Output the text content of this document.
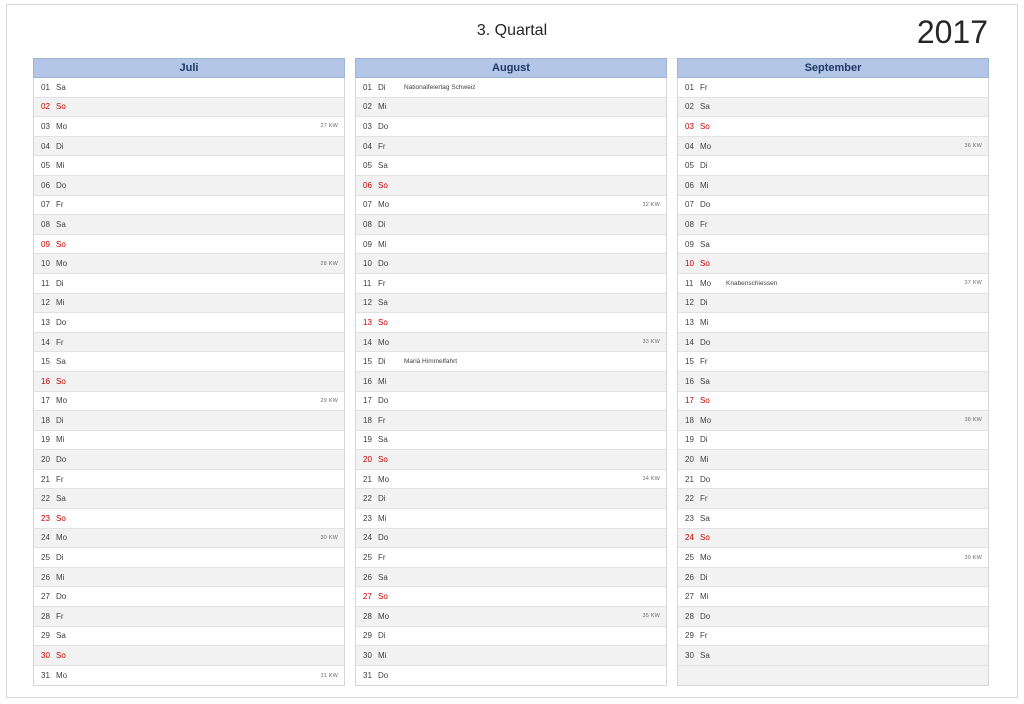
3. Quartal	2017
Juli
01 Sa
02 So
03 Mo	27 KW
04 Di
05 Mi
06 Do
07 Fr
08 Sa
09 So
10 Mo	28 KW
11 Di
12 Mi
13 Do
14 Fr
15 Sa
16 So
17 Mo	29 KW
18 Di
19 Mi
20 Do
21 Fr
22 Sa
23 So
24 Mo	30 KW
25 Di
26 Mi
27 Do
28 Fr
29 Sa
30 So
31 Mo	31 KW
August
01 Di	Nationalfeiertag Schweiz
02 Mi
03 Do
04 Fr
05 Sa
06 So
07 Mo	32 KW
08 Di
09 Mi
10 Do
11 Fr
12 Sa
13 So
14 Mo	33 KW
15 Di	Mariä Himmelfahrt
16 Mi
17 Do
18 Fr
19 Sa
20 So
21 Mo	34 KW
22 Di
23 Mi
24 Do
25 Fr
26 Sa
27 So
28 Mo	35 KW
29 Di
30 Mi
31 Do
September
01 Fr
02 Sa
03 So
04 Mo	36 KW
05 Di
06 Mi
07 Do
08 Fr
09 Sa
10 So
11 Mo	Knabenschiessen	37 KW
12 Di
13 Mi
14 Do
15 Fr
16 Sa
17 So
18 Mo	38 KW
19 Di
20 Mi
21 Do
22 Fr
23 Sa
24 So
25 Mo	39 KW
26 Di
27 Mi
28 Do
29 Fr
30 Sa
